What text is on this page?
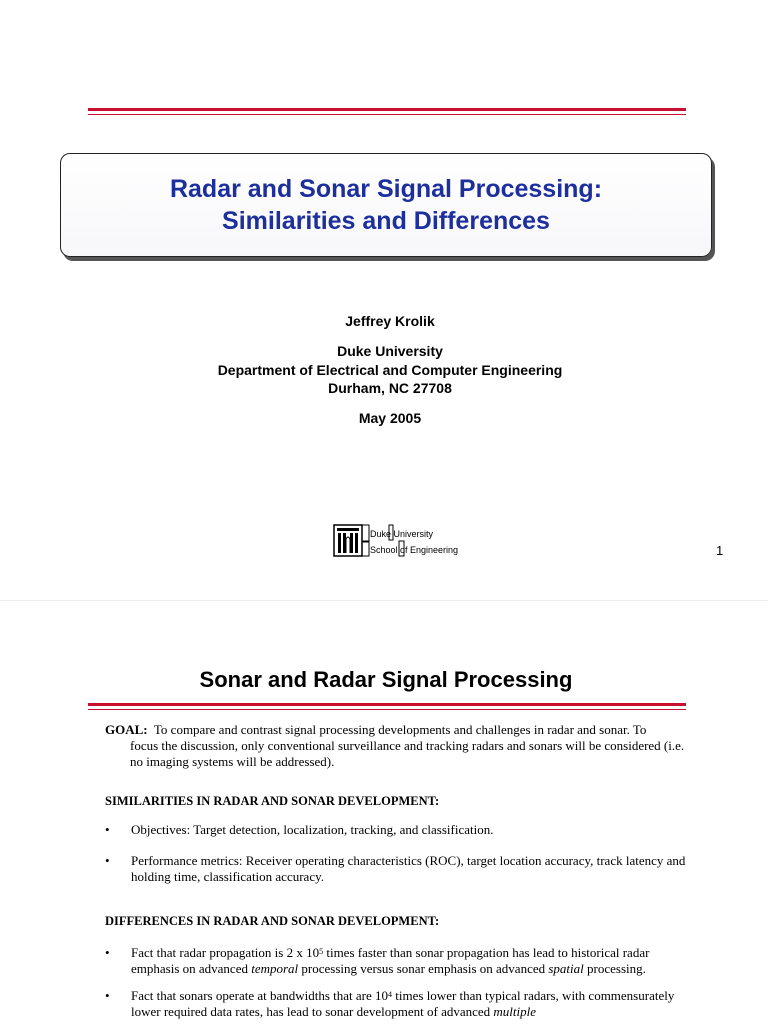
Radar and Sonar Signal Processing:
Similarities and Differences
Jeffrey Krolik
Duke University
Department of Electrical and Computer Engineering
Durham, NC 27708
May 2005
Duke University
School of Engineering	1
Sonar and Radar Signal Processing
GOAL: To compare and contrast signal processing developments and challenges in radar and sonar. To
focus the discussion, only conventional surveillance and tracking radars and sonars will be considered (i.e. no imaging systems will be addressed).
SIMILARITIES IN RADAR AND SONAR DEVELOPMENT:
• Objectives: Target detection, localization, tracking, and classification.
• Performance metrics: Receiver operating characteristics (ROC), target location accuracy, track latency and holding time, classification accuracy.
DIFFERENCES IN RADAR AND SONAR DEVELOPMENT:
• Fact that radar propagation is 2 x $10^5$ times faster than sonar propagation has lead to historical radar emphasis on advanced temporal processing versus sonar emphasis on advanced spatial processing.
• Fact that sonars operate at bandwidths that are $10^4$ times lower than typical radars, with commensurately lower required data rates, has lead to sonar development of advanced multiple
